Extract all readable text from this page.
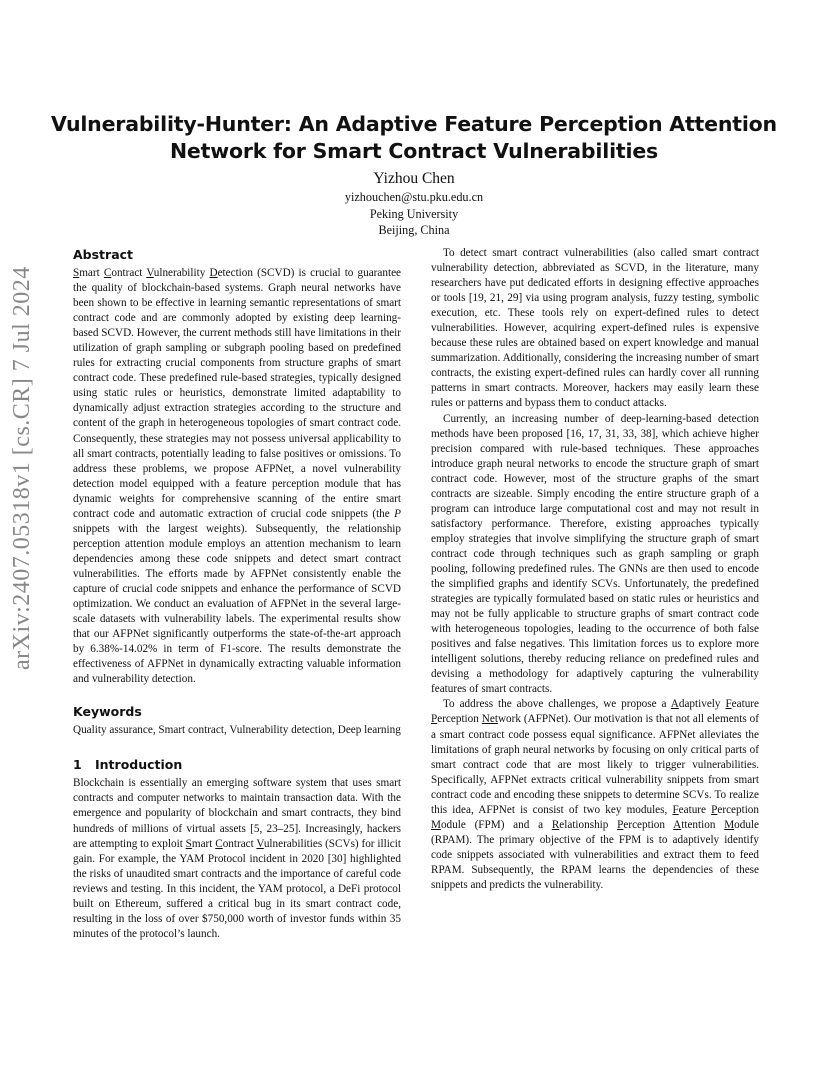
arXiv:2407.05318v1 [cs.CR] 7 Jul 2024
Vulnerability-Hunter: An Adaptive Feature Perception Attention
Network for Smart Contract Vulnerabilities
Yizhou Chen
yizhouchen@stu.pku.edu.cn
Peking University
Beijing, China
Abstract

Smart Contract Vulnerability Detection (SCVD) is crucial to guarantee the quality of blockchain-based systems. Graph neural networks have been shown to be effective in learning semantic representations of smart contract code and are commonly adopted by existing deep learning-based SCVD. However, the current methods still have limitations in their utilization of graph sampling or subgraph pooling based on predefined rules for extracting crucial components from structure graphs of smart contract code. These predefined rule-based strategies, typically designed using static rules or heuristics, demonstrate limited adaptability to dynamically adjust extraction strategies according to the structure and content of the graph in heterogeneous topologies of smart contract code. Consequently, these strategies may not possess universal applicability to all smart contracts, potentially leading to false positives or omissions. To address these problems, we propose AFPNet, a novel vulnerability detection model equipped with a feature perception module that has dynamic weights for comprehensive scanning of the entire smart contract code and automatic extraction of crucial code snippets (the P snippets with the largest weights). Subsequently, the relationship perception attention module employs an attention mechanism to learn dependencies among these code snippets and detect smart contract vulnerabilities. The efforts made by AFPNet consistently enable the capture of crucial code snippets and enhance the performance of SCVD optimization. We conduct an evaluation of AFPNet in the several large-scale datasets with vulnerability labels. The experimental results show that our AFPNet significantly outperforms the state-of-the-art approach by 6.38%-14.02% in term of F1-score. The results demonstrate the effectiveness of AFPNet in dynamically extracting valuable information and vulnerability detection.

Keywords

Quality assurance, Smart contract, Vulnerability detection, Deep learning

1 Introduction

Blockchain is essentially an emerging software system that uses smart contracts and computer networks to maintain transaction data. With the emergence and popularity of blockchain and smart contracts, they bind hundreds of millions of virtual assets [5, 23–25]. Increasingly, hackers are attempting to exploit Smart Contract Vulnerabilities (SCVs) for illicit gain. For example, the YAM Protocol incident in 2020 [30] highlighted the risks of unaudited smart contracts and the importance of careful code reviews and testing. In this incident, the YAM protocol, a DeFi protocol built on Ethereum, suffered a critical bug in its smart contract code, resulting in the loss of over $750,000 worth of investor funds within 35 minutes of the protocol’s launch.

To detect smart contract vulnerabilities (also called smart contract vulnerability detection, abbreviated as SCVD, in the literature, many researchers have put dedicated efforts in designing effective approaches or tools [19, 21, 29] via using program analysis, fuzzy testing, symbolic execution, etc. These tools rely on expert-defined rules to detect vulnerabilities. However, acquiring expert-defined rules is expensive because these rules are obtained based on expert knowledge and manual summarization. Additionally, considering the increasing number of smart contracts, the existing expert-defined rules can hardly cover all running patterns in smart contracts. Moreover, hackers may easily learn these rules or patterns and bypass them to conduct attacks.

Currently, an increasing number of deep-learning-based detection methods have been proposed [16, 17, 31, 33, 38], which achieve higher precision compared with rule-based techniques. These approaches introduce graph neural networks to encode the structure graph of smart contract code. However, most of the structure graphs of the smart contracts are sizeable. Simply encoding the entire structure graph of a program can introduce large computational cost and may not result in satisfactory performance. Therefore, existing approaches typically employ strategies that involve simplifying the structure graph of smart contract code through techniques such as graph sampling or graph pooling, following predefined rules. The GNNs are then used to encode the simplified graphs and identify SCVs. Unfortunately, the predefined strategies are typically formulated based on static rules or heuristics and may not be fully applicable to structure graphs of smart contract code with heterogeneous topologies, leading to the occurrence of both false positives and false negatives. This limitation forces us to explore more intelligent solutions, thereby reducing reliance on predefined rules and devising a methodology for adaptively capturing the vulnerability features of smart contracts.

To address the above challenges, we propose a Adaptively Feature Perception Network (AFPNet). Our motivation is that not all elements of a smart contract code possess equal significance. AFPNet alleviates the limitations of graph neural networks by focusing on only critical parts of smart contract code that are most likely to trigger vulnerabilities. Specifically, AFPNet extracts critical vulnerability snippets from smart contract code and encoding these snippets to determine SCVs. To realize this idea, AFPNet is consist of two key modules, Feature Perception Module (FPM) and a Relationship Perception Attention Module (RPAM). The primary objective of the FPM is to adaptively identify code snippets associated with vulnerabilities and extract them to feed RPAM. Subsequently, the RPAM learns the dependencies of these snippets and predicts the vulnerability.
